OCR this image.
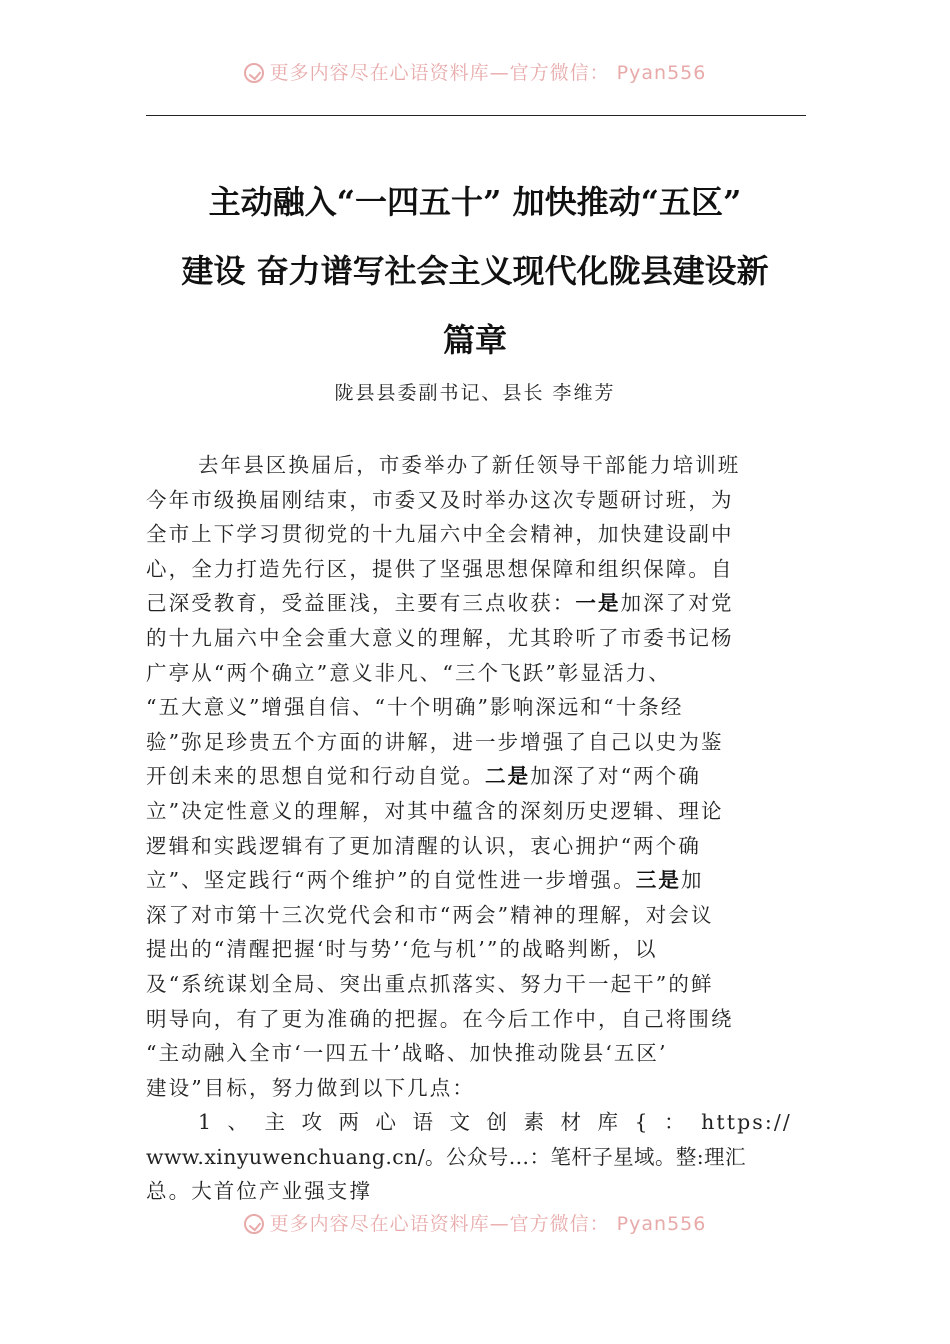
更多内容尽在心语资料库—官方微信： Pyan556
主动融入“一四五十” 加快推动“五区”
建设 奋力谱写社会主义现代化陇县建设新
篇章
陇县县委副书记、县长 李维芳
去年县区换届后，市委举办了新任领导干部能力培训班
今年市级换届刚结束，市委又及时举办这次专题研讨班，为
全市上下学习贯彻党的十九届六中全会精神，加快建设副中
心，全力打造先行区，提供了坚强思想保障和组织保障。自
己深受教育，受益匪浅，主要有三点收获：一是加深了对党
的十九届六中全会重大意义的理解，尤其聆听了市委书记杨
广亭从“两个确立”意义非凡、“三个飞跃”彰显活力、
“五大意义”增强自信、“十个明确”影响深远和“十条经
验”弥足珍贵五个方面的讲解，进一步增强了自己以史为鉴
开创未来的思想自觉和行动自觉。二是加深了对“两个确
立”决定性意义的理解，对其中蕴含的深刻历史逻辑、理论
逻辑和实践逻辑有了更加清醒的认识，衷心拥护“两个确
立”、坚定践行“两个维护”的自觉性进一步增强。三是加
深了对市第十三次党代会和市“两会”精神的理解，对会议
提出的“清醒把握‘时与势’‘危与机’”的战略判断，以
及“系统谋划全局、突出重点抓落实、努力干一起干”的鲜
明导向，有了更为准确的把握。在今后工作中，自己将围绕
“主动融入全市‘一四五十’战略、加快推动陇县‘五区’
建设”目标，努力做到以下几点：
1、主攻两心语文创素材库{：https://
www.xinyuwenchuang.cn/。公众号…：笔杆子星域。整:理汇
总。大首位产业强支撑
更多内容尽在心语资料库—官方微信： Pyan556
